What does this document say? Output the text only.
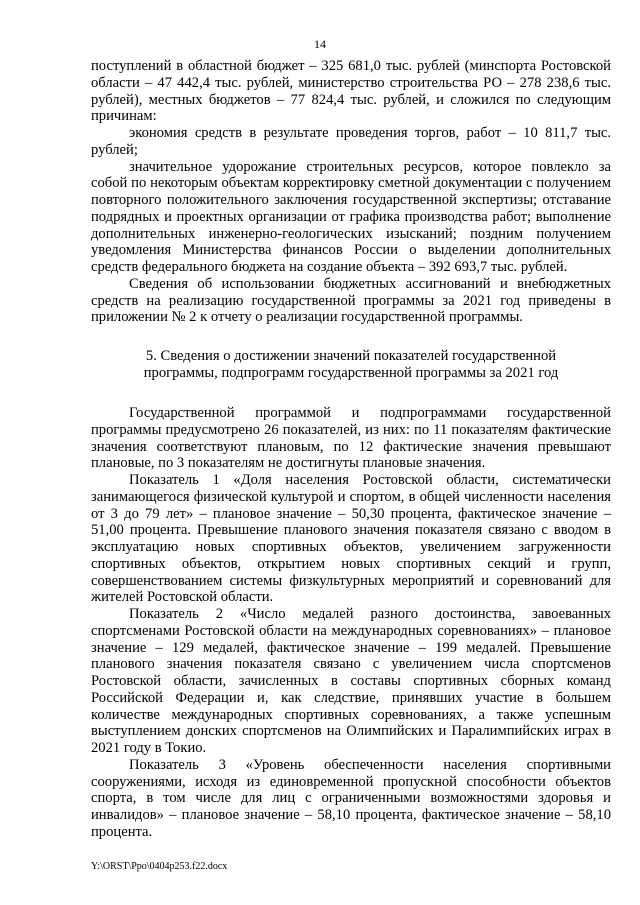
14

поступлений в областной бюджет – 325 681,0 тыс. рублей (минспорта Ростовской области – 47 442,4 тыс. рублей, министерство строительства РО – 278 238,6 тыс. рублей), местных бюджетов – 77 824,4 тыс. рублей, и сложился по следующим причинам:

экономия средств в результате проведения торгов, работ – 10 811,7 тыс. рублей;

значительное удорожание строительных ресурсов, которое повлекло за собой по некоторым объектам корректировку сметной документации с получением повторного положительного заключения государственной экспертизы; отставание подрядных и проектных организации от графика производства работ; выполнение дополнительных инженерно-геологических изысканий; поздним получением уведомления Министерства финансов России о выделении дополнительных средств федерального бюджета на создание объекта – 392 693,7 тыс. рублей.

Сведения об использовании бюджетных ассигнований и внебюджетных средств на реализацию государственной программы за 2021 год приведены в приложении № 2 к отчету о реализации государственной программы.

5. Сведения о достижении значений показателей государственной
программы, подпрограмм государственной программы за 2021 год

Государственной программой и подпрограммами государственной программы предусмотрено 26 показателей, из них: по 11 показателям фактические значения соответствуют плановым, по 12 фактические значения превышают плановые, по 3 показателям не достигнуты плановые значения.

Показатель 1 «Доля населения Ростовской области, систематически занимающегося физической культурой и спортом, в общей численности населения от 3 до 79 лет» – плановое значение – 50,30 процента, фактическое значение – 51,00 процента. Превышение планового значения показателя связано с вводом в эксплуатацию новых спортивных объектов, увеличением загруженности спортивных объектов, открытием новых спортивных секций и групп, совершенствованием системы физкультурных мероприятий и соревнований для жителей Ростовской области.

Показатель 2 «Число медалей разного достоинства, завоеванных спортсменами Ростовской области на международных соревнованиях» – плановое значение – 129 медалей, фактическое значение – 199 медалей. Превышение планового значения показателя связано с увеличением числа спортсменов Ростовской области, зачисленных в составы спортивных сборных команд Российской Федерации и, как следствие, принявших участие в большем количестве международных спортивных соревнованиях, а также успешным выступлением донских спортсменов на Олимпийских и Паралимпийских играх в 2021 году в Токио.

Показатель 3 «Уровень обеспеченности населения спортивными сооружениями, исходя из единовременной пропускной способности объектов спорта, в том числе для лиц с ограниченными возможностями здоровья и инвалидов» – плановое значение – 58,10 процента, фактическое значение – 58,10 процента.

Y:\ORST\Ppo\0404p253.f22.docx
